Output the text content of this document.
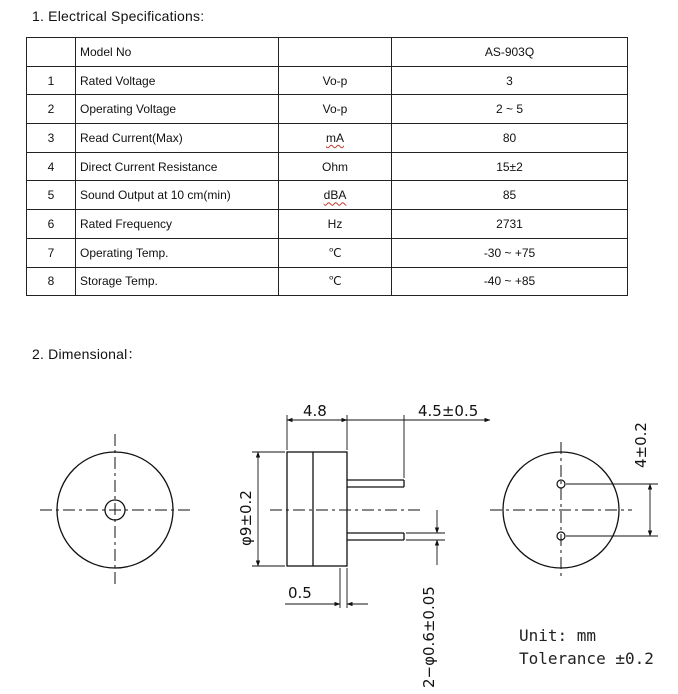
1. Electrical Specifications:
	Model No		AS-903Q
1	Rated Voltage	Vo-p	3
2	Operating Voltage	Vo-p	2 ~ 5
3	Read Current(Max)	mA	80
4	Direct Current Resistance	Ohm	15±2
5	Sound Output at 10 cm(min)	dBA	85
6	Rated Frequency	Hz	2731
7	Operating Temp.	℃	-30 ~ +75
8	Storage Temp.	℃	-40 ~ +85
2. Dimensional：
4.8	4.5±0.5
φ9±0.2
0.5	2−φ0.6±0.05
4±0.2
Unit: mm
Tolerance ±0.2
